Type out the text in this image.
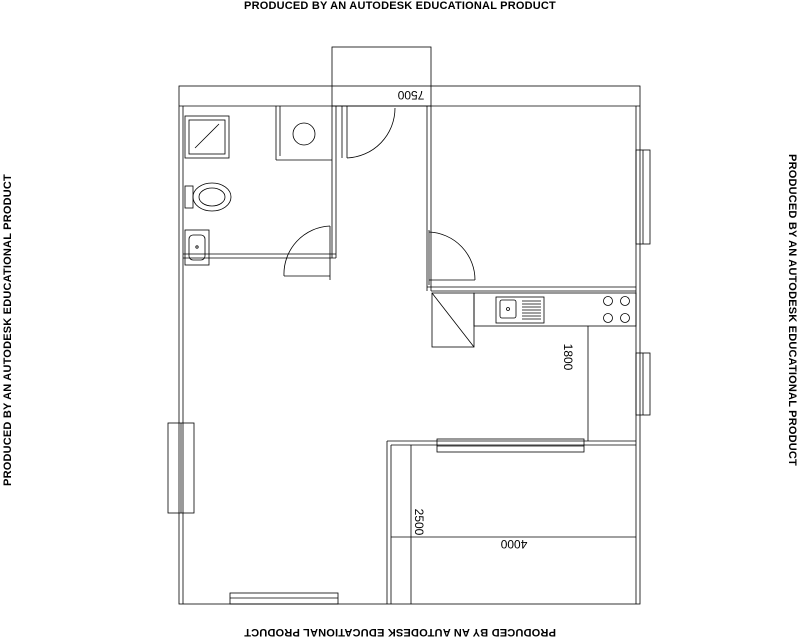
PRODUCED BY AN AUTODESK EDUCATIONAL PRODUCT
PRODUCED BY AN AUTODESK EDUCATIONAL PRODUCT
PRODUCED BY AN AUTODESK EDUCATIONAL PRODUCT	PRODUCED BY AN AUTODESK EDUCATIONAL PRODUCT
7500
1800
2500
4000
